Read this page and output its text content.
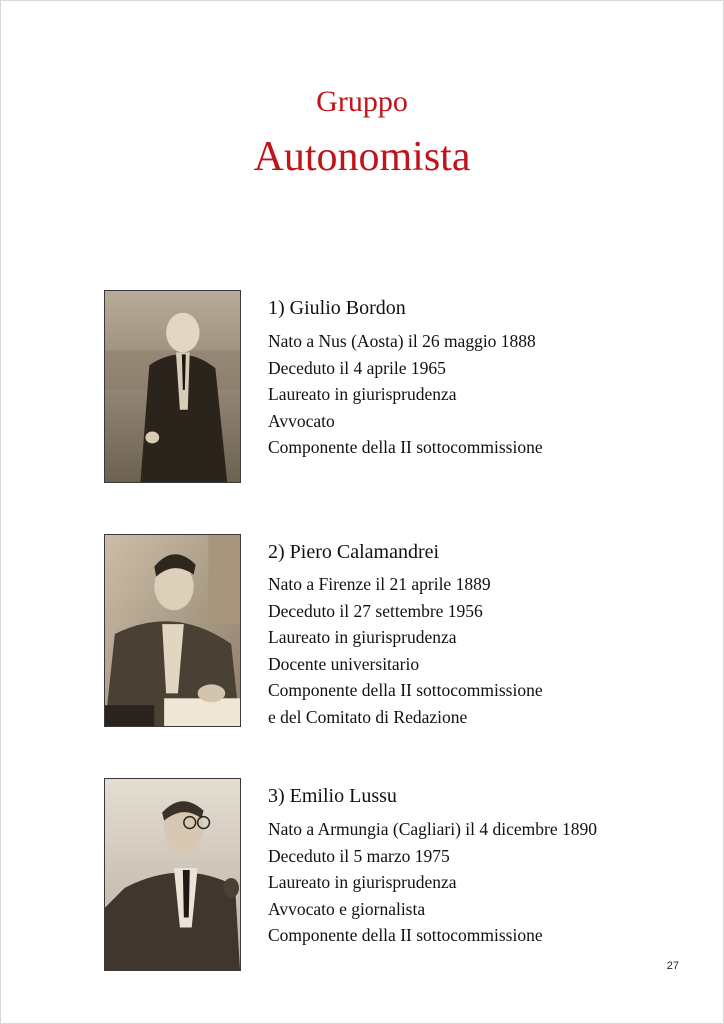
Gruppo
Autonomista
1) Giulio Bordon
Nato a Nus (Aosta) il 26 maggio 1888
Deceduto il 4 aprile 1965
Laureato in giurisprudenza
Avvocato
Componente della II sottocommissione
2) Piero Calamandrei
Nato a Firenze il 21 aprile 1889
Deceduto il 27 settembre 1956
Laureato in giurisprudenza
Docente universitario
Componente della II sottocommissione
e del Comitato di Redazione
3) Emilio Lussu
Nato a Armungia (Cagliari) il 4 dicembre 1890
Deceduto il 5 marzo 1975
Laureato in giurisprudenza
Avvocato e giornalista
Componente della II sottocommissione
27
